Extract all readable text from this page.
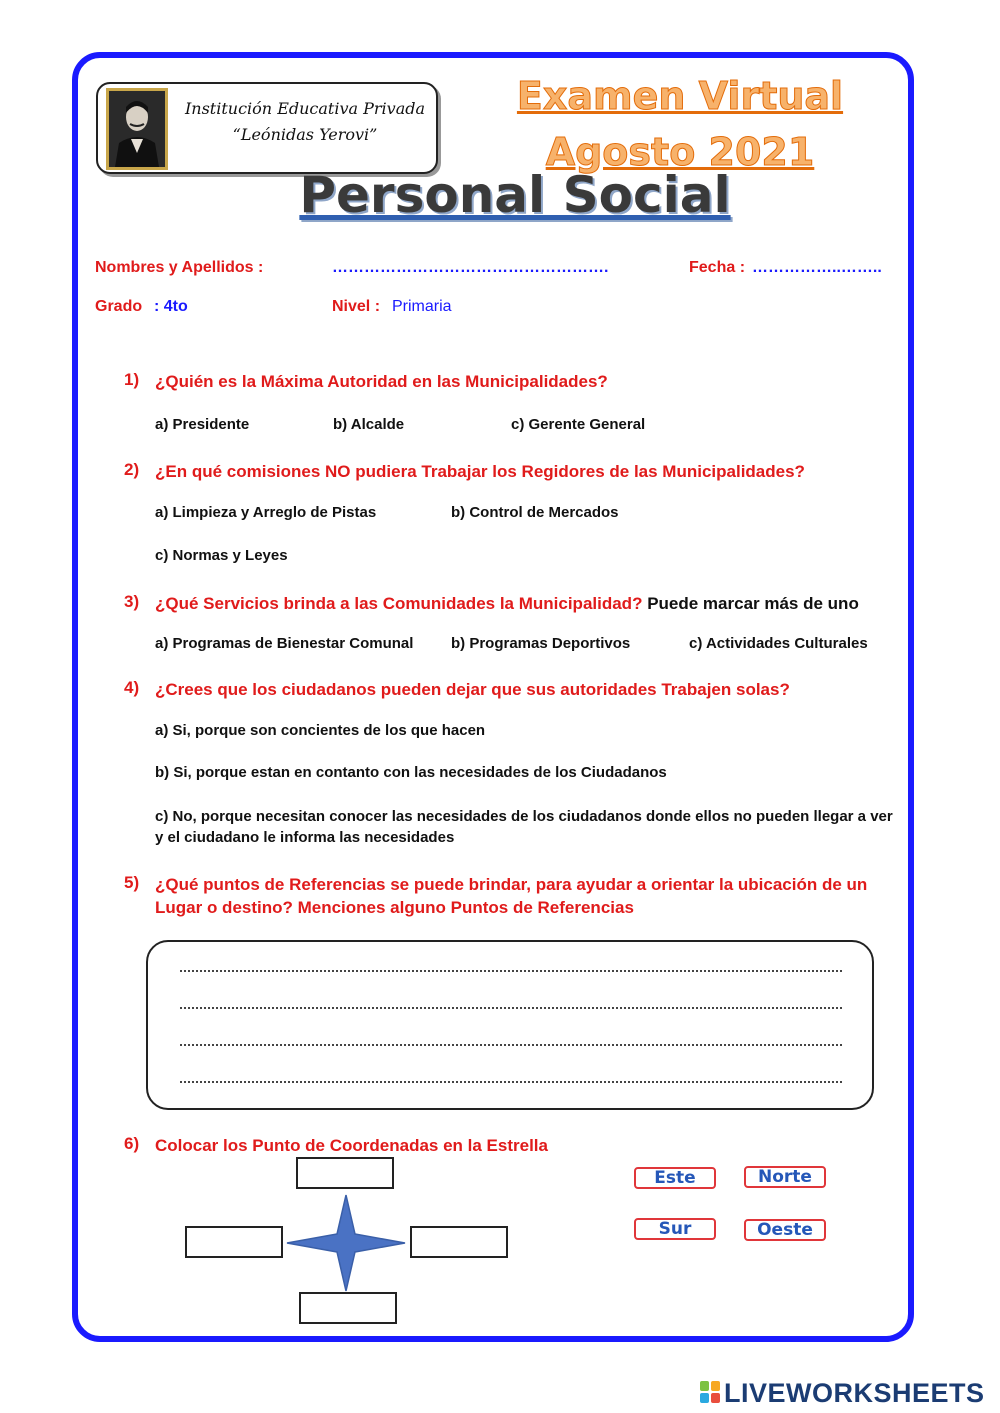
Institución Educativa Privada
“Leónidas Yerovi”
Examen Virtual Agosto 2021
Personal Social
Nombres y Apellidos :	…………………………………………….	Fecha : ……………..……..
Grado : 4to	Nivel : Primaria
1) ¿Quién es la Máxima Autoridad en las Municipalidades?
a) Presidente	b) Alcalde	c) Gerente General
2) ¿En qué comisiones NO pudiera Trabajar los Regidores de las Municipalidades?
a) Limpieza y Arreglo de Pistas	b) Control de Mercados
c) Normas y Leyes
3) ¿Qué Servicios brinda a las Comunidades la Municipalidad? Puede marcar más de uno
a) Programas de Bienestar Comunal	b) Programas Deportivos	c) Actividades Culturales
4) ¿Crees que los ciudadanos pueden dejar que sus autoridades Trabajen solas?
a) Si, porque son concientes de los que hacen
b) Si, porque estan en contanto con las necesidades de los Ciudadanos
c) No, porque necesitan conocer las necesidades de los ciudadanos donde ellos no pueden llegar a ver y el ciudadano le informa las necesidades
5) ¿Qué puntos de Referencias se puede brindar, para ayudar a orientar la ubicación de un Lugar o destino? Menciones alguno Puntos de Referencias
6) Colocar los Punto de Coordenadas en la Estrella
Este	Norte
Sur	Oeste
LIVEWORKSHEETS
